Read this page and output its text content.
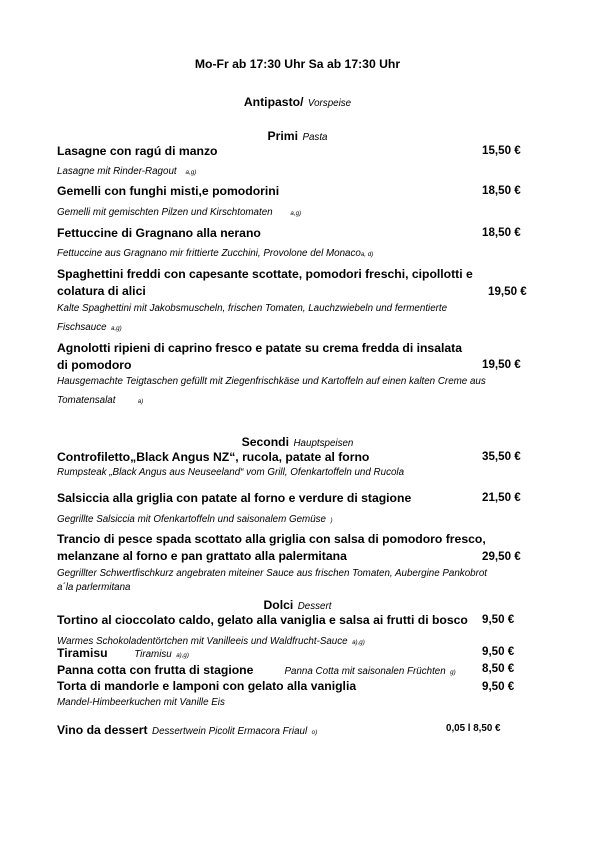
Mo-Fr ab 17:30 Uhr Sa ab 17:30 Uhr
Antipasto/ Vorspeise
Primi Pasta
Lasagne con ragú di manzo	15,50 €
Lasagne mit Rinder-Ragout a,g)
Gemelli con funghi misti,e pomodorini	18,50 €
Gemelli mit gemischten Pilzen und Kirschtomaten	a,g)
Fettuccine di Gragnano alla nerano	18,50 €
Fettuccine aus Gragnano mir frittierte Zucchini, Provolone del Monacoa, d)
Spaghettini freddi con capesante scottate, pomodori freschi, cipollotti e
colatura di alici	19,50 €
Kalte Spaghettini mit Jakobsmuscheln, frischen Tomaten, Lauchzwiebeln und fermentierte
Fischsauce a,g)
Agnolotti ripieni di caprino fresco e patate su crema fredda di insalata
di pomodoro	19,50 €
Hausgemachte Teigtaschen gefüllt mit Ziegenfrischkäse und Kartoffeln auf einen kalten Creme aus
Tomatensalat	a)
Secondi Hauptspeisen
Controfiletto„Black Angus NZ“, rucola, patate al forno	35,50 €
Rumpsteak „Black Angus aus Neuseeland“ vom Grill, Ofenkartoffeln und Rucola
Salsiccia alla griglia con patate al forno e verdure di stagione	21,50 €
Gegrillte Salsiccia mit Ofenkartoffeln und saisonalem Gemüse )
Trancio di pesce spada scottato alla griglia con salsa di pomodoro fresco,
melanzane al forno e pan grattato alla palermitana	29,50 €
Gegrillter Schwertfischkurz angebraten miteiner Sauce aus frischen Tomaten, Aubergine Pankobrot
a´la parlermitana
Dolci Dessert
Tortino al cioccolato caldo, gelato alla vaniglia e salsa ai frutti di bosco 9,50 €
Warmes Schokoladentörtchen mit Vanilleeis und Waldfrucht-Sauce a),g)
Tiramisu	Tiramisu a),g)	9,50 €
Panna cotta con frutta di stagione	Panna Cotta mit saisonalen Früchten g) 8,50 €
Torta di mandorle e lamponi con gelato alla vaniglia	9,50 €
Mandel-Himbeerkuchen mit Vanille Eis
Vino da dessert Dessertwein Picolit Ermacora Friaul o)	0,05 l 8,50 €
